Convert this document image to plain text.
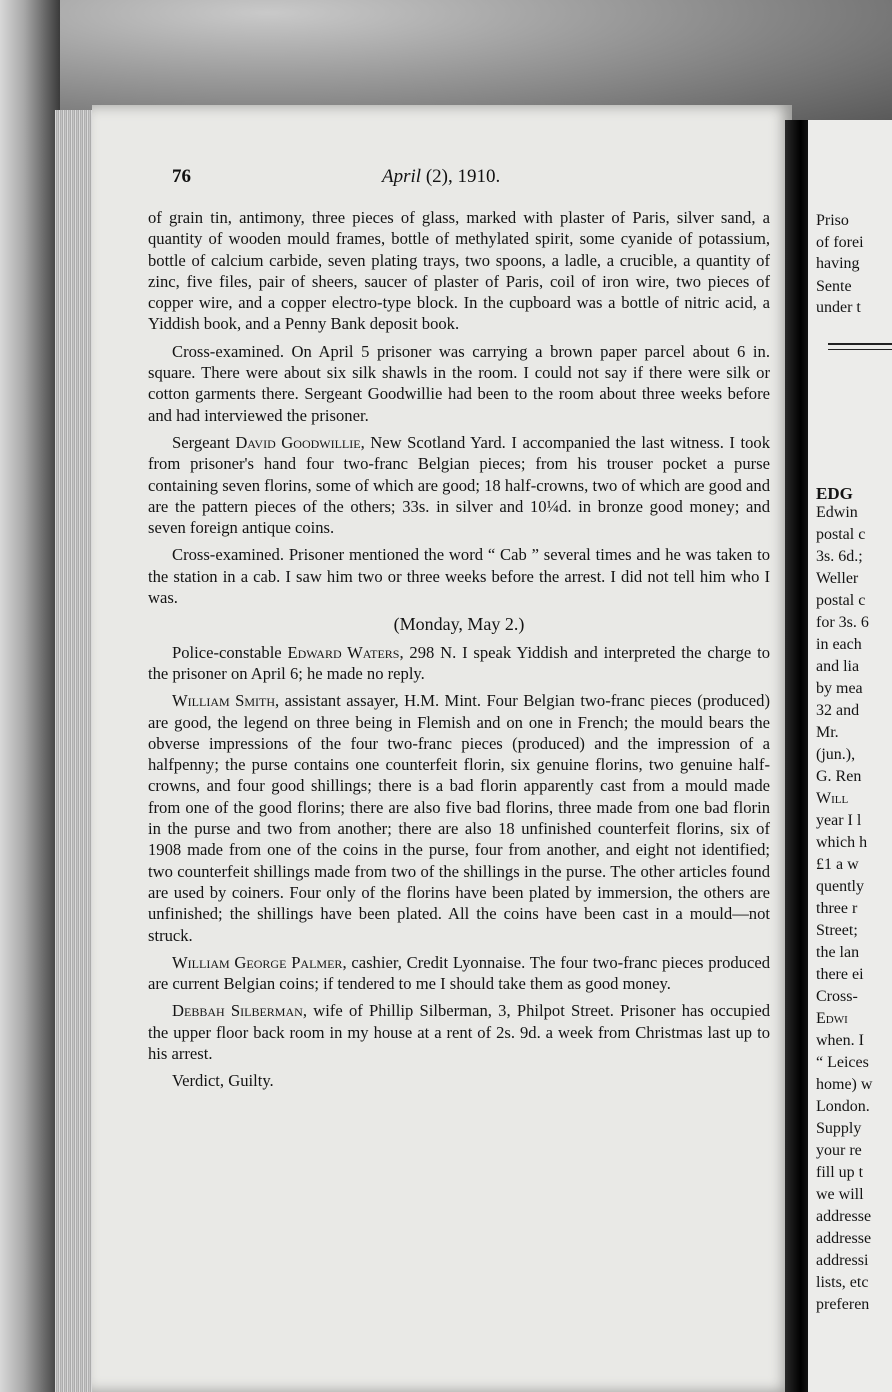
Priso
of forei
having
Sente
under t
EDG
Edwin
postal c
3s. 6d.;
Weller
postal c
for 3s. 6
in each
and lia
by mea
32 and
Mr.
(jun.),
G. Ren
Will
year I l
which h
£1 a w
quently
three r
Street;
the lan
there ei
Cross-
Edwi
when. I
“ Leices
home) w
London.
Supply
your re
fill up t
we will
addresse
addresse
addressi
lists, etc
preferen
76	April (2), 1910.

of grain tin, antimony, three pieces of glass, marked with plaster of Paris, silver sand, a quantity of wooden mould frames, bottle of methylated spirit, some cyanide of potassium, bottle of calcium carbide, seven plating trays, two spoons, a ladle, a crucible, a quantity of zinc, five files, pair of sheers, saucer of plaster of Paris, coil of iron wire, two pieces of copper wire, and a copper electro-type block. In the cupboard was a bottle of nitric acid, a Yiddish book, and a Penny Bank deposit book.

Cross-examined. On April 5 prisoner was carrying a brown paper parcel about 6 in. square. There were about six silk shawls in the room. I could not say if there were silk or cotton garments there. Sergeant Goodwillie had been to the room about three weeks before and had interviewed the prisoner.

Sergeant David Goodwillie, New Scotland Yard. I accompanied the last witness. I took from prisoner's hand four two-franc Belgian pieces; from his trouser pocket a purse containing seven florins, some of which are good; 18 half-crowns, two of which are good and are the pattern pieces of the others; 33s. in silver and 10¼d. in bronze good money; and seven foreign antique coins.

Cross-examined. Prisoner mentioned the word “ Cab ” several times and he was taken to the station in a cab. I saw him two or three weeks before the arrest. I did not tell him who I was.

(Monday, May 2.)

Police-constable Edward Waters, 298 N. I speak Yiddish and interpreted the charge to the prisoner on April 6; he made no reply.

William Smith, assistant assayer, H.M. Mint. Four Belgian two-franc pieces (produced) are good, the legend on three being in Flemish and on one in French; the mould bears the obverse impressions of the four two-franc pieces (produced) and the impression of a halfpenny; the purse contains one counterfeit florin, six genuine florins, two genuine half-crowns, and four good shillings; there is a bad florin apparently cast from a mould made from one of the good florins; there are also five bad florins, three made from one bad florin in the purse and two from another; there are also 18 unfinished counterfeit florins, six of 1908 made from one of the coins in the purse, four from another, and eight not identified; two counterfeit shillings made from two of the shillings in the purse. The other articles found are used by coiners. Four only of the florins have been plated by immersion, the others are unfinished; the shillings have been plated. All the coins have been cast in a mould—not struck.

William George Palmer, cashier, Credit Lyonnaise. The four two-franc pieces produced are current Belgian coins; if tendered to me I should take them as good money.

Debbah Silberman, wife of Phillip Silberman, 3, Philpot Street. Prisoner has occupied the upper floor back room in my house at a rent of 2s. 9d. a week from Christmas last up to his arrest.

Verdict, Guilty.
